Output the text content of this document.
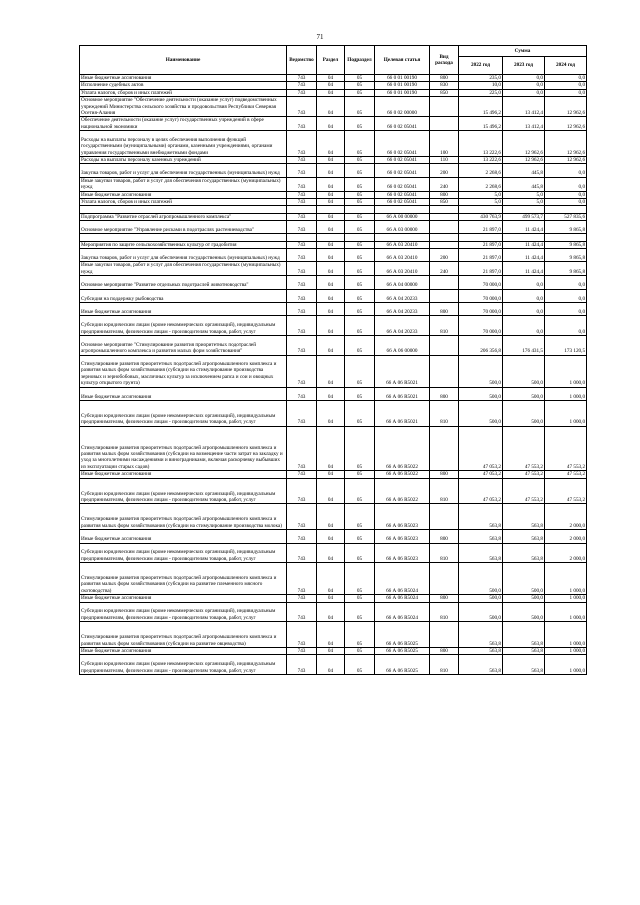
71
Наименование	Ведомство	Раздел	Подраздел	Целевая статья	Вид расхода	Сумма		
						2022 год	2023 год	2024 год
Иные бюджетные ассигнования	743	04	05	66 0 01 00190	800	235,0	0,0	0,0
Исполнение судебных актов	743	04	05	66 0 01 00190	830	10,0	0,0	0,0
Уплата налогов, сборов и иных платежей	743	04	05	66 0 01 00190	850	225,0	0,0	0,0
Основное мероприятие "Обеспечение деятельности (оказание услуг) подведомственных учреждений Министерства сельского хозяйства и продовольствия Республики Северная Осетия-Алания	743	04	05	66 0 02 00000		15 496,2	13 412,4	12 962,6
Обеспечение деятельности (оказание услуг) государственных учреждений в сфере национальной экономики	743	04	05	66 0 02 05041		15 496,2	13 412,4	12 962,6
Расходы на выплаты персоналу в целях обеспечения выполнения функций государственными (муниципальными) органами, казенными учреждениями, органами управления государственными внебюджетными фондами	743	04	05	66 0 02 05041	100	13 222,6	12 962,6	12 962,6
Расходы на выплаты персоналу казенных учреждений	743	04	05	66 0 02 05041	110	13 222,6	12 962,6	12 962,6
Закупка товаров, работ и услуг для обеспечения государственных (муниципальных) нужд	743	04	05	66 0 02 05041	200	2 268,6	445,8	0,0
Иные закупки товаров, работ и услуг для обеспечения государственных (муниципальных) нужд	743	04	05	66 0 02 05041	240	2 268,6	445,8	0,0
Иные бюджетные ассигнования	743	04	05	66 0 02 05041	800	5,0	5,0	0,0
Уплата налогов, сборов и иных платежей	743	04	05	66 0 02 05041	850	5,0	5,0	0,0

Подпрограмма "Развитие отраслей агропромышленного комплекса"	743	04	05	66 А 00 00000		430 763,9	499 573,7	527 835,6
Основное мероприятие "Управление рисками в подотраслях растениеводства"	743	04	05	66 А 03 00000		21 897,0	11 424,4	9 865,8

Мероприятия по защите сельскохозяйственных культур от градобития	743	04	05	66 А 03 20410		21 897,0	11 424,4	9 865,8
Закупка товаров, работ и услуг для обеспечения государственных (муниципальных) нужд	743	04	05	66 А 03 20410	200	21 897,0	11 424,4	9 865,8
Иные закупки товаров, работ и услуг для обеспечения государственных (муниципальных) нужд	743	04	05	66 А 03 20410	240	21 897,0	11 424,4	9 865,8
Основное мероприятие "Развитие отдельных подотраслей животноводства"	743	04	05	66 А 04 00000		70 000,0	0,0	0,0
Субсидия на поддержку рыбоводства	743	04	05	66 А 04 20233		70 000,0	0,0	0,0
Иные бюджетные ассигнования	743	04	05	66 А 04 20233	800	70 000,0	0,0	0,0
Субсидии юридическим лицам (кроме некоммерческих организаций), индивидуальным предпринимателям, физическим лицам - производителям товаров, работ, услуг	743	04	05	66 А 04 20233	810	70 000,0	0,0	0,0
Основное мероприятие "Стимулирование развития приоритетных подотраслей агропромышленного комплекса и развития малых форм хозяйствования"	743	04	05	66 А 06 00000		206 356,8	176 431,5	173 120,5
Стимулирование развития приоритетных подотраслей агропромышленного комплекса и развития малых форм хозяйствования (субсидии на стимулирование производства зерновых и зернобобовых, масличных культур за исключением рапса и сои и овощных культур открытого грунта)	743	04	05	66 А 06 R5021		500,0	500,0	1 000,0
Иные бюджетные ассигнования	743	04	05	66 А 06 R5021	800	500,0	500,0	1 000,0
Субсидии юридическим лицам (кроме некоммерческих организаций), индивидуальным предпринимателям, физическим лицам - производителям товаров, работ, услуг	743	04	05	66 А 06 R5021	810	500,0	500,0	1 000,0
Стимулирование развития приоритетных подотраслей агропромышленного комплекса и развития малых форм хозяйствования (субсидии на возмещение части затрат на закладку и уход за многолетними насаждениями и виноградниками, включая раскорчевку выбывших из эксплуатации старых садов)	743	04	05	66 А 06 R5022		47 053,2	47 553,2	47 553,2
Иные бюджетные ассигнования	743	04	05	66 А 06 R5022	800	47 053,2	47 553,2	47 553,2
Субсидии юридическим лицам (кроме некоммерческих организаций), индивидуальным предпринимателям, физическим лицам - производителям товаров, работ, услуг	743	04	05	66 А 06 R5022	810	47 053,2	47 553,2	47 553,2
Стимулирование развития приоритетных подотраслей агропромышленного комплекса и развития малых форм хозяйствования (субсидии на стимулирование производства молока)	743	04	05	66 А 06 R5023		563,8	563,8	2 000,0
Иные бюджетные ассигнования	743	04	05	66 А 06 R5023	800	563,8	563,8	2 000,0
Субсидии юридическим лицам (кроме некоммерческих организаций), индивидуальным предпринимателям, физическим лицам - производителям товаров, работ, услуг	743	04	05	66 А 06 R5023	810	563,8	563,8	2 000,0
Стимулирование развития приоритетных подотраслей агропромышленного комплекса и развития малых форм хозяйствования (субсидии на развитие племенного мясного скотоводства)	743	04	05	66 А 06 R5024		500,0	500,0	1 000,0
Иные бюджетные ассигнования	743	04	05	66 А 06 R5024	800	500,0	500,0	1 000,0
Субсидии юридическим лицам (кроме некоммерческих организаций), индивидуальным предпринимателям, физическим лицам - производителям товаров, работ, услуг	743	04	05	66 А 06 R5024	810	500,0	500,0	1 000,0
Стимулирование развития приоритетных подотраслей агропромышленного комплекса и развития малых форм хозяйствования (субсидии на развитие овцеводства)	743	04	05	66 А 06 R5025		563,8	563,8	1 000,0
Иные бюджетные ассигнования	743	04	05	66 А 06 R5025	800	563,8	563,8	1 000,0
Субсидии юридическим лицам (кроме некоммерческих организаций), индивидуальным предпринимателям, физическим лицам - производителям товаров, работ, услуг	743	04	05	66 А 06 R5025	810	563,8	563,8	1 000,0
